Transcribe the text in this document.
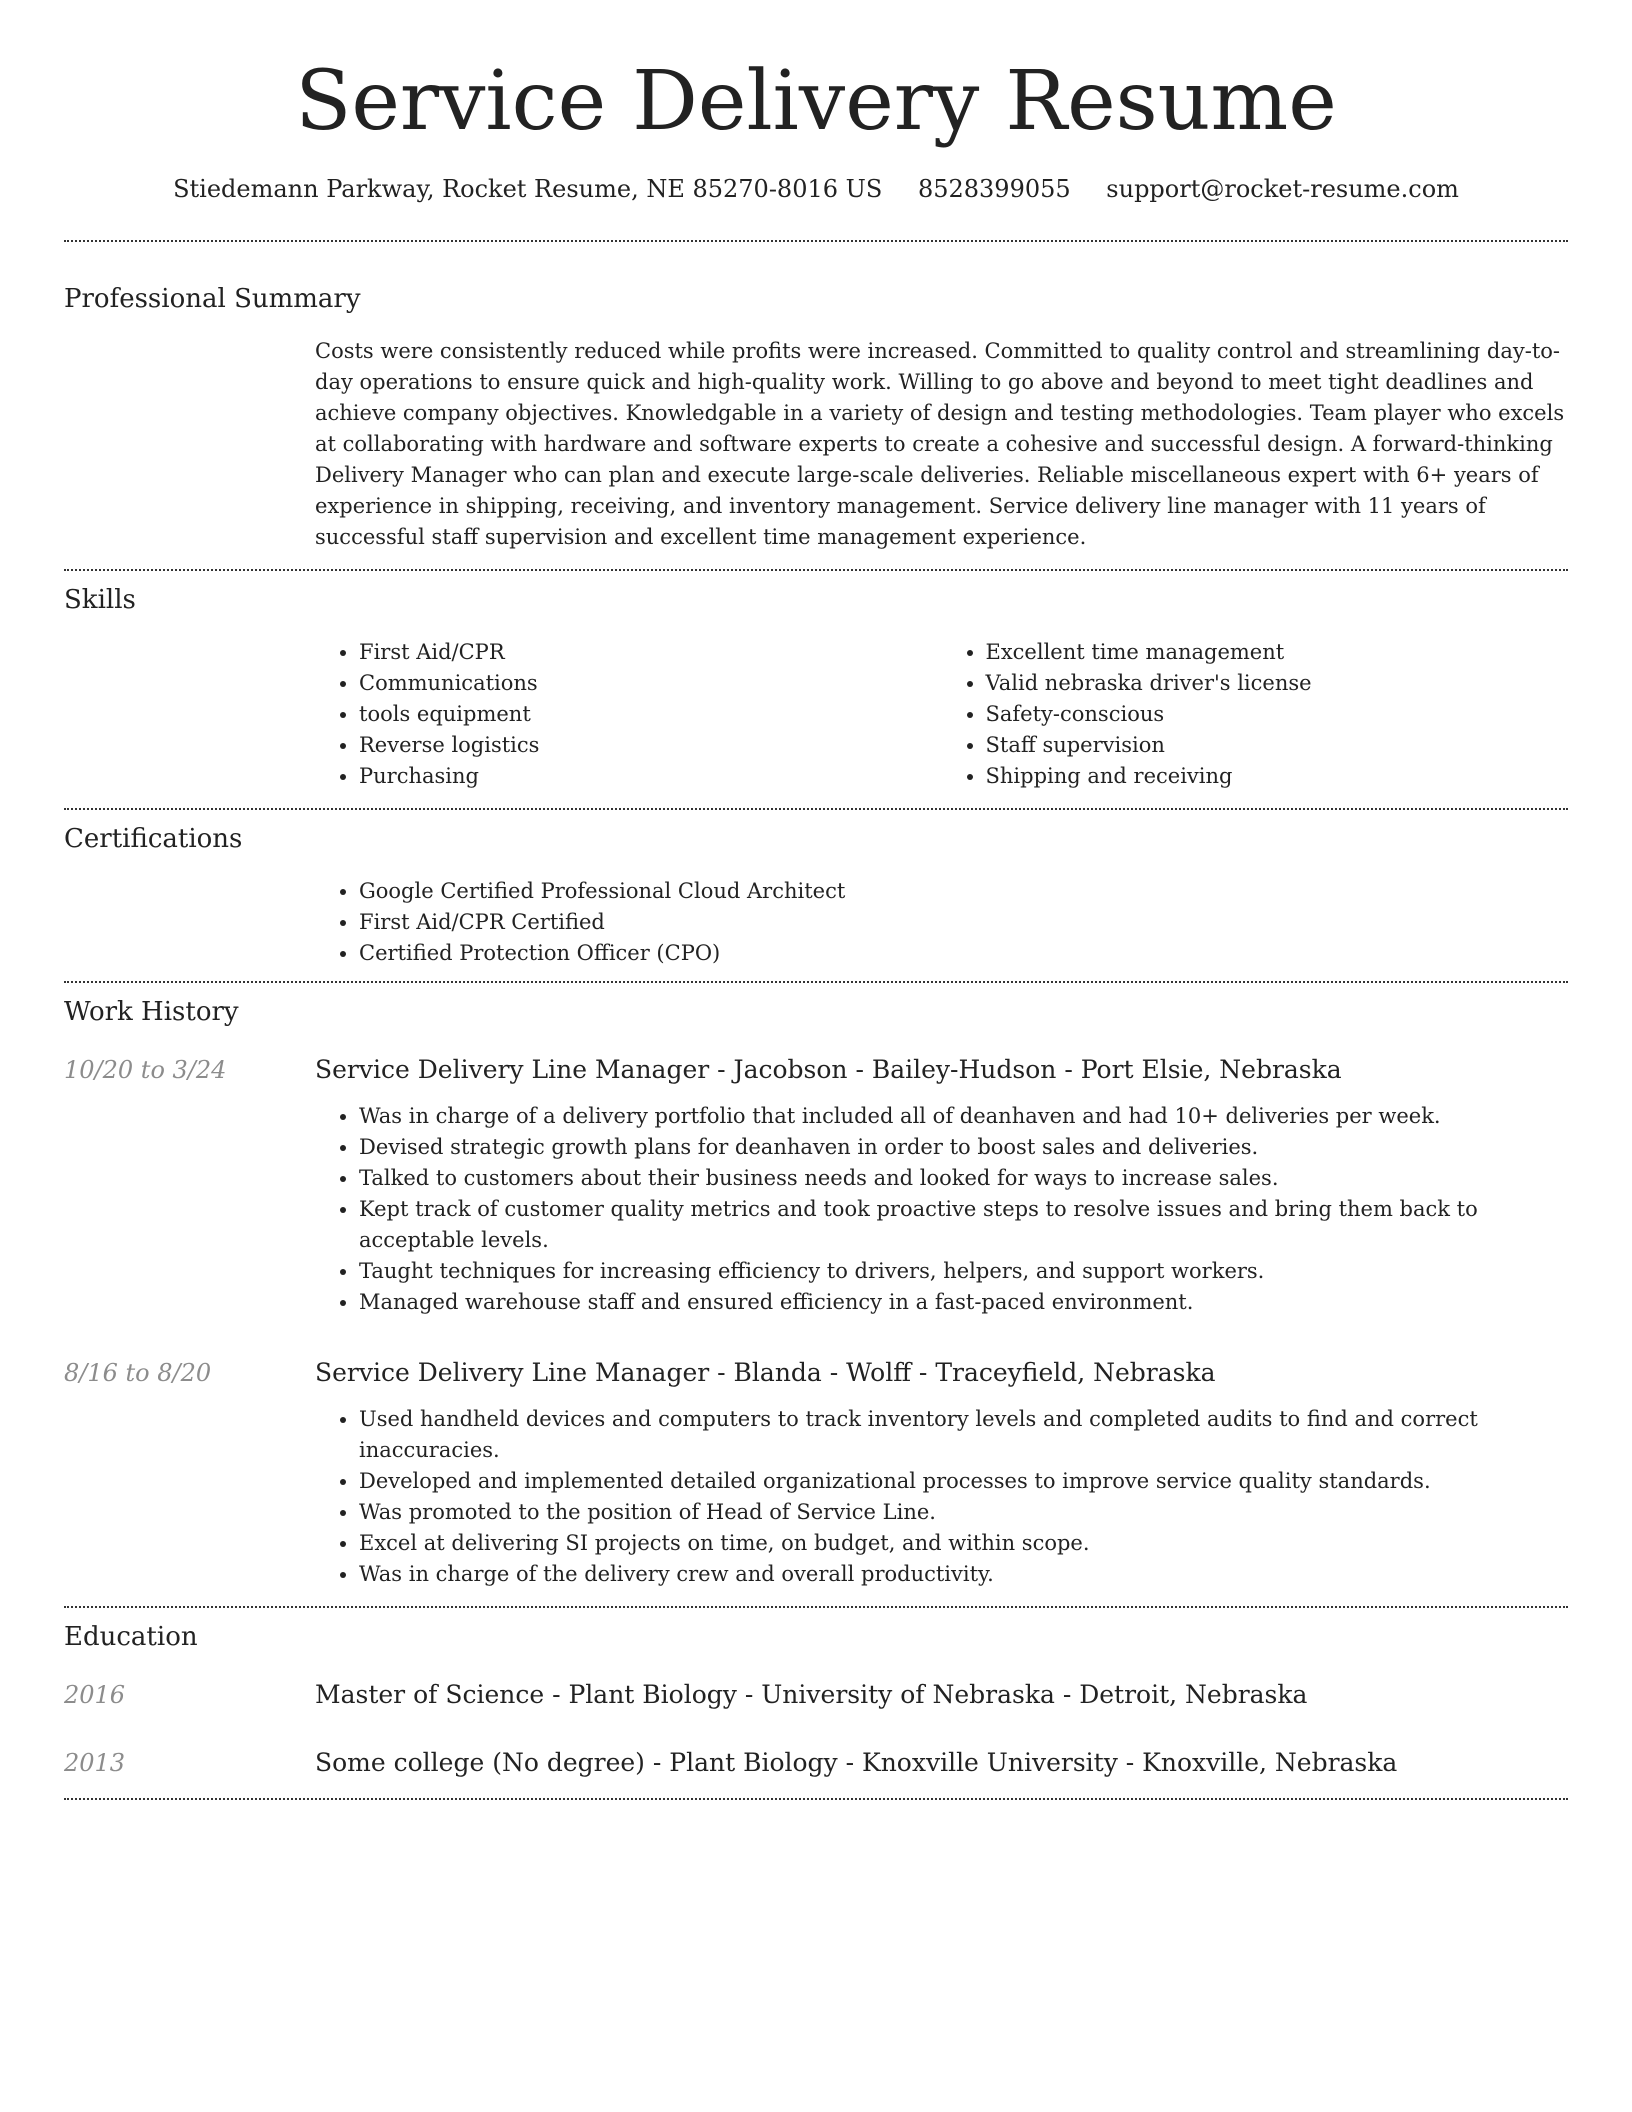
Service Delivery Resume
Stiedemann Parkway, Rocket Resume, NE 85270-8016 US 8528399055 support@rocket-resume.com
Professional Summary

Costs were consistently reduced while profits were increased. Committed to quality control and streamlining day-to-day operations to ensure quick and high-quality work. Willing to go above and beyond to meet tight deadlines and achieve company objectives. Knowledgable in a variety of design and testing methodologies. Team player who excels at collaborating with hardware and software experts to create a cohesive and successful design. A forward-thinking Delivery Manager who can plan and execute large-scale deliveries. Reliable miscellaneous expert with 6+ years of experience in shipping, receiving, and inventory management. Service delivery line manager with 11 years of successful staff supervision and excellent time management experience.

Skills
• First Aid/CPR
• Communications
• tools equipment
• Reverse logistics
• Purchasing
• Excellent time management
• Valid nebraska driver's license
• Safety-conscious
• Staff supervision
• Shipping and receiving
Certifications
• Google Certified Professional Cloud Architect
• First Aid/CPR Certified
• Certified Protection Officer (CPO)
Work History
10/20 to 3/24	Service Delivery Line Manager - Jacobson - Bailey-Hudson - Port Elsie, Nebraska
• Was in charge of a delivery portfolio that included all of deanhaven and had 10+ deliveries per week.
• Devised strategic growth plans for deanhaven in order to boost sales and deliveries.
• Talked to customers about their business needs and looked for ways to increase sales.
• Kept track of customer quality metrics and took proactive steps to resolve issues and bring them back to acceptable levels.
• Taught techniques for increasing efficiency to drivers, helpers, and support workers.
• Managed warehouse staff and ensured efficiency in a fast-paced environment.
8/16 to 8/20	Service Delivery Line Manager - Blanda - Wolff - Traceyfield, Nebraska
• Used handheld devices and computers to track inventory levels and completed audits to find and correct inaccuracies.
• Developed and implemented detailed organizational processes to improve service quality standards.
• Was promoted to the position of Head of Service Line.
• Excel at delivering SI projects on time, on budget, and within scope.
• Was in charge of the delivery crew and overall productivity.
Education
2016	Master of Science - Plant Biology - University of Nebraska - Detroit, Nebraska
2013	Some college (No degree) - Plant Biology - Knoxville University - Knoxville, Nebraska
